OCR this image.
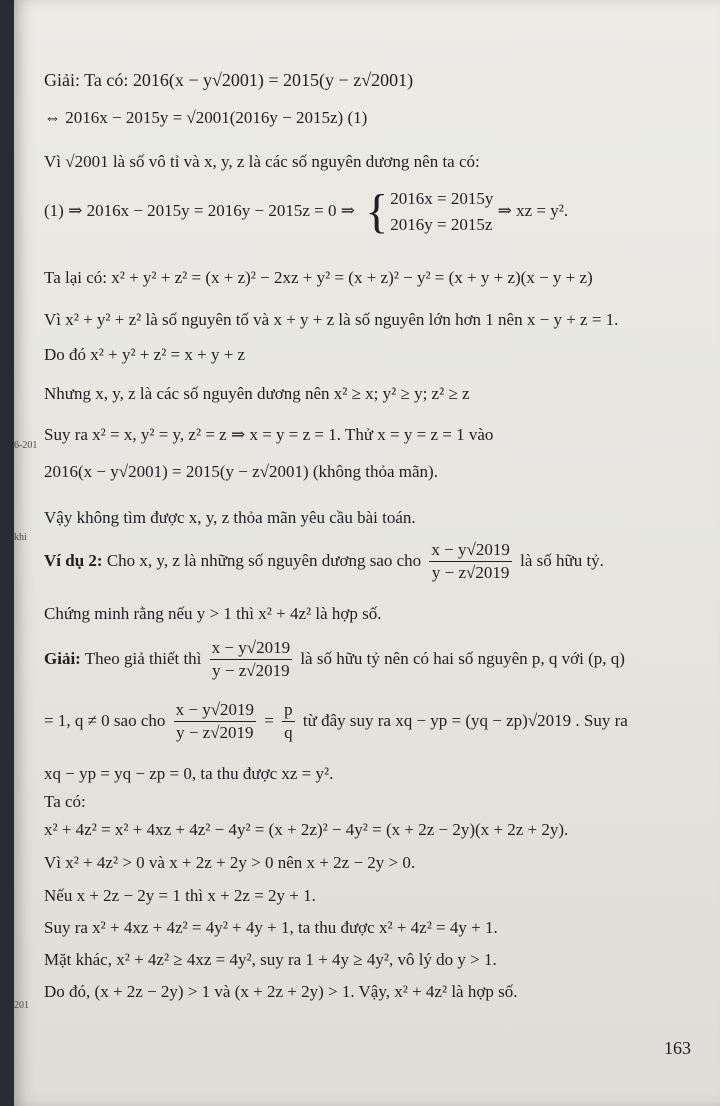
6-201
khi
201
Giải: Ta có: 2016(x − y√2001) = 2015(y − z√2001)
⇔ 2016x − 2015y = √2001(2016y − 2015z) (1)
Vì √2001 là số vô tỉ và x, y, z là các số nguyên dương nên ta có:
(1) ⇒ 2016x − 2015y = 2016y − 2015z = 0 ⇒ { 2016x = 2015y
2016y = 2015z
⇒ xz = y².
Ta lại có: x² + y² + z² = (x + z)² − 2xz + y² = (x + z)² − y² = (x + y + z)(x − y + z)
Vì x² + y² + z² là số nguyên tố và x + y + z là số nguyên lớn hơn 1 nên x − y + z = 1.
Do đó x² + y² + z² = x + y + z
Nhưng x, y, z là các số nguyên dương nên x² ≥ x; y² ≥ y; z² ≥ z
Suy ra x² = x, y² = y, z² = z ⇒ x = y = z = 1. Thử x = y = z = 1 vào
2016(x − y√2001) = 2015(y − z√2001) (không thỏa mãn).
Vậy không tìm được x, y, z thỏa mãn yêu cầu bài toán.
Ví dụ 2: Cho x, y, z là những số nguyên dương sao cho $\frac{x - y√2019}{y - z√2019}$ là số hữu tỷ.
Chứng minh rằng nếu y > 1 thì x² + 4z² là hợp số.
Giải: Theo giả thiết thì $\frac{x - y√2019}{y - z√2019}$ là số hữu tỷ nên có hai số nguyên p, q với (p, q)
= 1, q ≠ 0 sao cho $\frac{x - y√2019}{y - z√2019} = \frac{p}{q}$ từ đây suy ra xq − yp = (yq − zp)√2019 . Suy ra
xq − yp = yq − zp = 0, ta thu được xz = y².
Ta có:
x² + 4z² = x² + 4xz + 4z² − 4y² = (x + 2z)² − 4y² = (x + 2z − 2y)(x + 2z + 2y).
Vì x² + 4z² > 0 và x + 2z + 2y > 0 nên x + 2z − 2y > 0.
Nếu x + 2z − 2y = 1 thì x + 2z = 2y + 1.
Suy ra x² + 4xz + 4z² = 4y² + 4y + 1, ta thu được x² + 4z² = 4y + 1.
Mặt khác, x² + 4z² ≥ 4xz = 4y², suy ra 1 + 4y ≥ 4y², vô lý do y > 1.
Do đó, (x + 2z − 2y) > 1 và (x + 2z + 2y) > 1. Vậy, x² + 4z² là hợp số.
163
